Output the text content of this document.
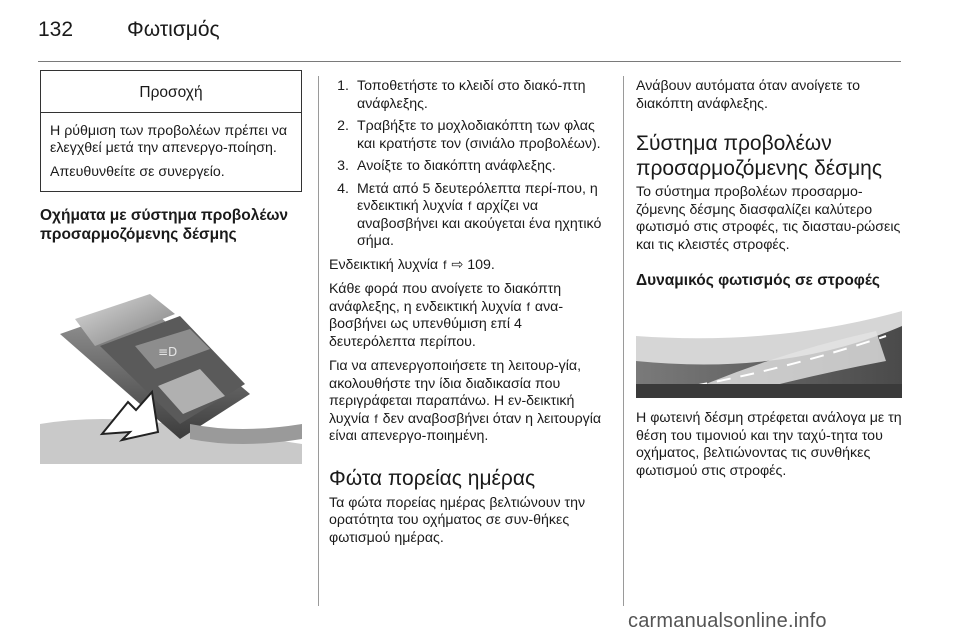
132	Φωτισμός
Προσοχή

Η ρύθμιση των προβολέων πρέπει να ελεγχθεί μετά την απενεργο-ποίηση.

Απευθυνθείτε σε συνεργείο.

Οχήματα με σύστημα προβολέων προσαρμοζόμενης δέσμης
≡D
1. Τοποθετήστε το κλειδί στο διακό-πτη ανάφλεξης.
2. Τραβήξτε το μοχλοδιακόπτη των φλας και κρατήστε τον (σινιάλο προβολέων).
3. Ανοίξτε το διακόπτη ανάφλεξης.
4. Μετά από 5 δευτερόλεπτα περί-που, η ενδεικτική λυχνία f αρχίζει να αναβοσβήνει και ακούγεται ένα ηχητικό σήμα.

Ενδεικτική λυχνία f ⇨ 109.

Κάθε φορά που ανοίγετε το διακόπτη ανάφλεξης, η ενδεικτική λυχνία f ανα-βοσβήνει ως υπενθύμιση επί 4 δευτερόλεπτα περίπου.

Για να απενεργοποιήσετε τη λειτουρ-γία, ακολουθήστε την ίδια διαδικασία που περιγράφεται παραπάνω. Η εν-δεικτική λυχνία f δεν αναβοσβήνει όταν η λειτουργία είναι απενεργο-ποιημένη.

Φώτα πορείας ημέρας

Τα φώτα πορείας ημέρας βελτιώνουν την ορατότητα του οχήματος σε συν-θήκες φωτισμού ημέρας.

Ανάβουν αυτόματα όταν ανοίγετε το διακόπτη ανάφλεξης.

Σύστημα προβολέων προσαρμοζόμενης δέσμης

Το σύστημα προβολέων προσαρμο-ζόμενης δέσμης διασφαλίζει καλύτερο φωτισμό στις στροφές, τις διασταυ-ρώσεις και τις κλειστές στροφές.

Δυναμικός φωτισμός σε στροφές

Η φωτεινή δέσμη στρέφεται ανάλογα με τη θέση του τιμονιού και την ταχύ-τητα του οχήματος, βελτιώνοντας τις συνθήκες φωτισμού στις στροφές.

carmanualsonline.info
